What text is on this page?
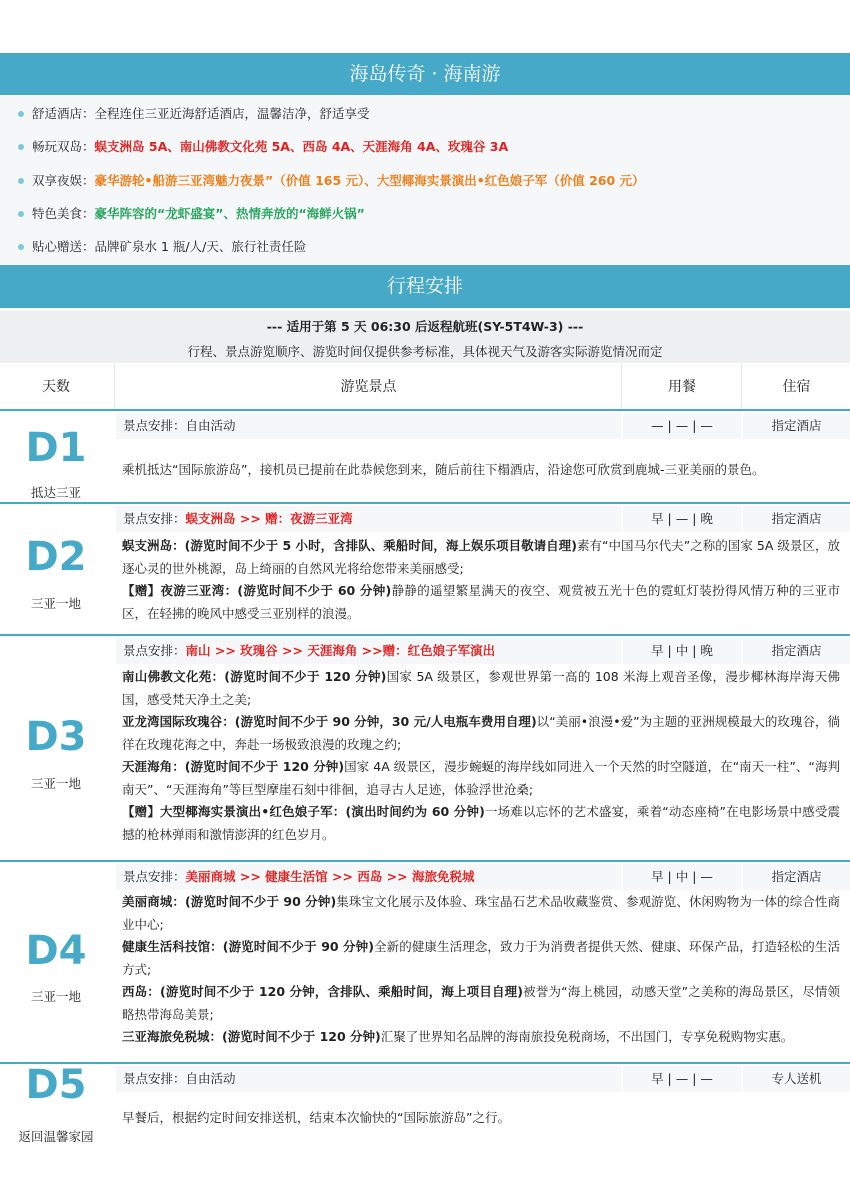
海岛传奇 · 海南游
舒适酒店：全程连住三亚近海舒适酒店，温馨洁净，舒适享受
畅玩双岛：蜈支洲岛 5A、南山佛教文化苑 5A、西岛 4A、天涯海角 4A、玫瑰谷 3A
双享夜娱：豪华游轮•船游三亚湾魅力夜景”（价值 165 元）、大型椰海实景演出•红色娘子军（价值 260 元）
特色美食：豪华阵容的“龙虾盛宴”、热情奔放的“海鲜火锅”
贴心赠送：品牌矿泉水 1 瓶/人/天、旅行社责任险
行程安排
--- 适用于第 5 天 06:30 后返程航班(SY-5T4W-3) ---
行程、景点游览顺序、游览时间仅提供参考标准，具体视天气及游客实际游览情况而定
天数	游览景点	用餐	住宿
D1
抵达三亚
景点安排：自由活动	— | — | —	指定酒店
乘机抵达“国际旅游岛”，接机员已提前在此恭候您到来，随后前往下榻酒店，沿途您可欣赏到鹿城-三亚美丽的景色。
D2
三亚一地
景点安排：蜈支洲岛 >> 赠：夜游三亚湾	早 | — | 晚	指定酒店
蜈支洲岛：(游览时间不少于 5 小时，含排队、乘船时间，海上娱乐项目敬请自理)素有“中国马尔代夫”之称的国家 5A 级景区，放逐心灵的世外桃源，岛上绮丽的自然风光将给您带来美丽感受;
【赠】夜游三亚湾：(游览时间不少于 60 分钟)静静的遥望繁星满天的夜空、观赏被五光十色的霓虹灯装扮得风情万种的三亚市区，在轻拂的晚风中感受三亚别样的浪漫。
D3
三亚一地
景点安排：南山 >> 玫瑰谷 >> 天涯海角 >>赠：红色娘子军演出	早 | 中 | 晚	指定酒店
南山佛教文化苑：(游览时间不少于 120 分钟)国家 5A 级景区，参观世界第一高的 108 米海上观音圣像，漫步椰林海岸海天佛国，感受梵天净土之美;
亚龙湾国际玫瑰谷：(游览时间不少于 90 分钟，30 元/人电瓶车费用自理)以“美丽•浪漫•爱”为主题的亚洲规模最大的玫瑰谷，徜徉在玫瑰花海之中，奔赴一场极致浪漫的玫瑰之约;
天涯海角：(游览时间不少于 120 分钟)国家 4A 级景区，漫步蜿蜒的海岸线如同进入一个天然的时空隧道，在“南天一柱”、“海判南天”、“天涯海角”等巨型摩崖石刻中徘徊，追寻古人足迹，体验浮世沧桑;
【赠】大型椰海实景演出•红色娘子军：(演出时间约为 60 分钟)一场难以忘怀的艺术盛宴，乘着“动态座椅”在电影场景中感受震撼的枪林弹雨和激情澎湃的红色岁月。
D4
三亚一地
景点安排：美丽商城 >> 健康生活馆 >> 西岛 >> 海旅免税城	早 | 中 | —	指定酒店
美丽商城：(游览时间不少于 90 分钟)集珠宝文化展示及体验、珠宝晶石艺术品收藏鉴赏、参观游览、休闲购物为一体的综合性商业中心;
健康生活科技馆：(游览时间不少于 90 分钟)全新的健康生活理念，致力于为消费者提供天然、健康、环保产品，打造轻松的生活方式;
西岛：(游览时间不少于 120 分钟，含排队、乘船时间，海上项目自理)被誉为“海上桃园，动感天堂”之美称的海岛景区，尽情领略热带海岛美景;
三亚海旅免税城：(游览时间不少于 120 分钟)汇聚了世界知名品牌的海南旅投免税商场，不出国门，专享免税购物实惠。
D5
返回温馨家园
景点安排：自由活动	早 | — | —	专人送机
早餐后，根据约定时间安排送机，结束本次愉快的“国际旅游岛”之行。
